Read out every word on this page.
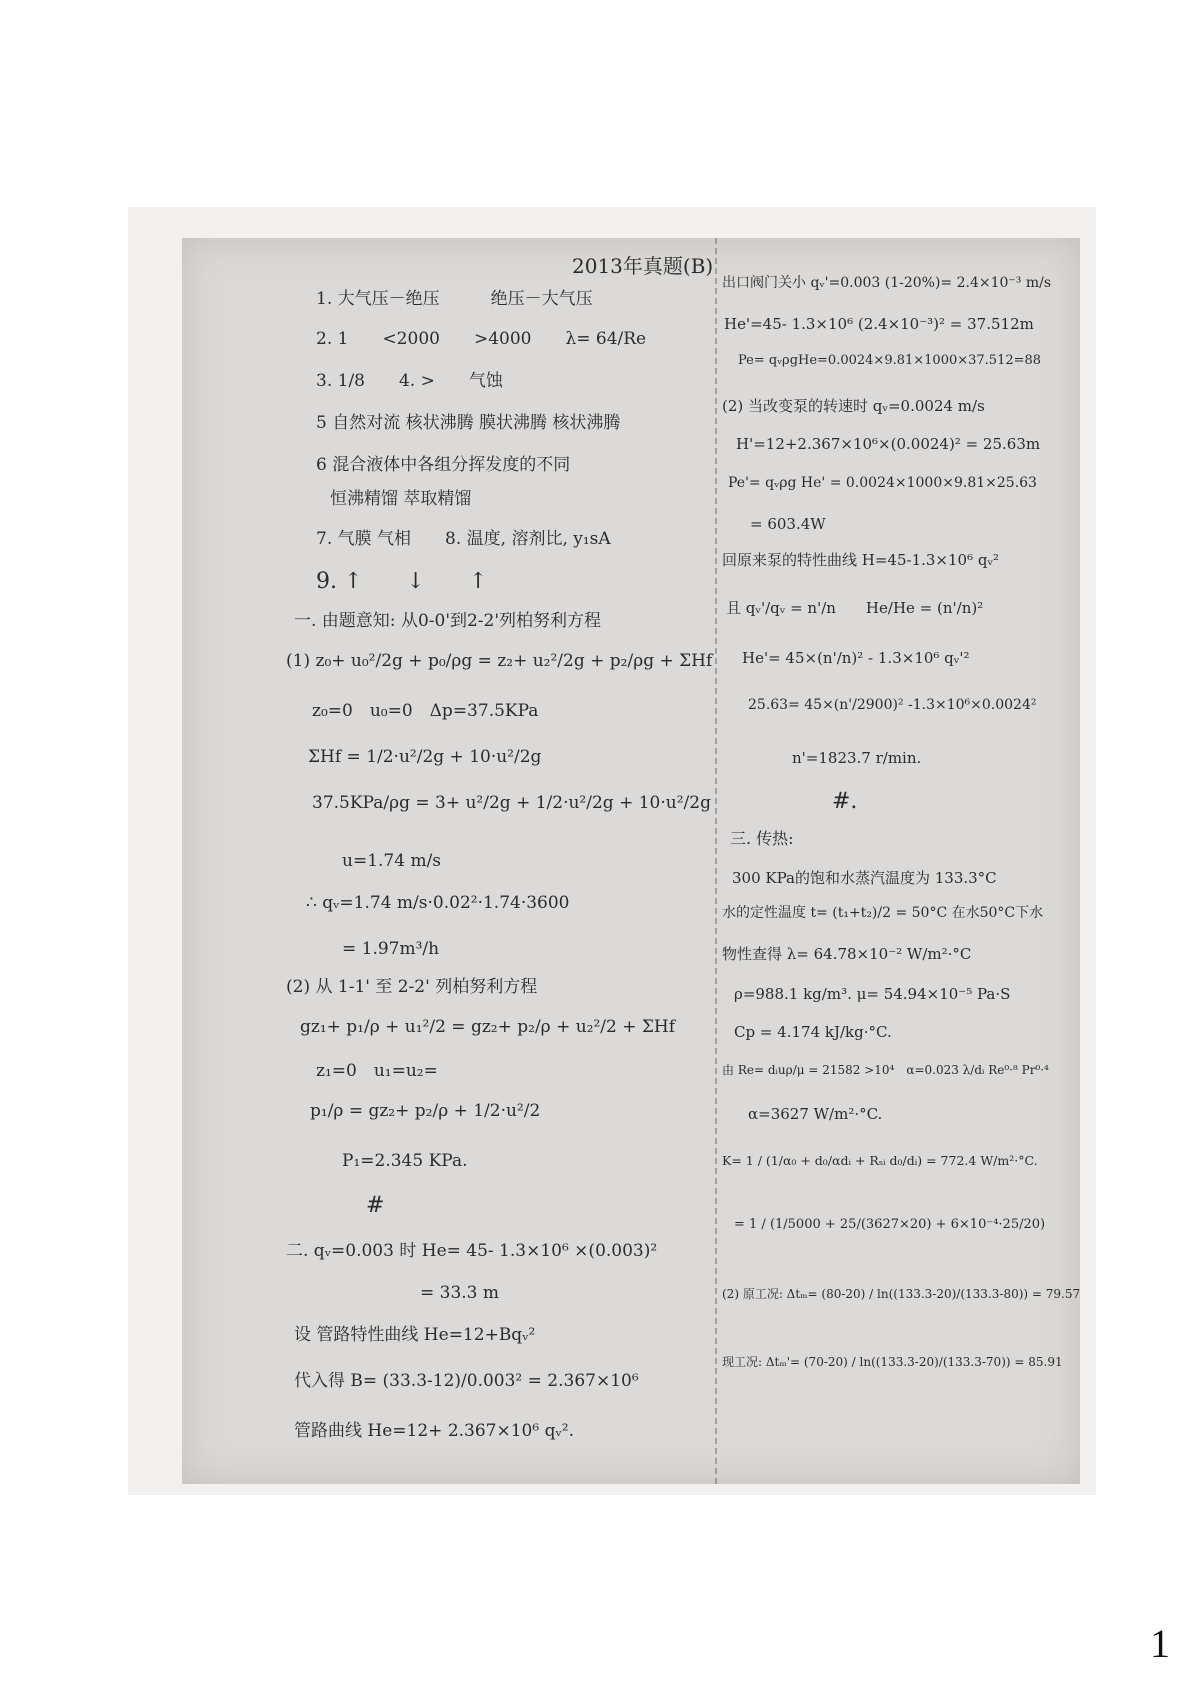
2013年真题(B)
1. 大气压－绝压　　　绝压－大气压
2. 1　　<2000　　>4000　　λ= 64/Re
3. 1/8　　4. >　　气蚀
5 自然对流 核状沸腾 膜状沸腾 核状沸腾
6 混合液体中各组分挥发度的不同
恒沸精馏 萃取精馏
7. 气膜 气相　　8. 温度, 溶剂比, y₁sA
9. ↑　　↓　　↑
一. 由题意知: 从0-0'到2-2'列柏努利方程
(1) z₀+ u₀²/2g + p₀/ρg = z₂+ u₂²/2g + p₂/ρg + ΣHf
z₀=0　u₀=0　Δp=37.5KPa
ΣHf = 1/2·u²/2g + 10·u²/2g
37.5KPa/ρg = 3+ u²/2g + 1/2·u²/2g + 10·u²/2g
u=1.74 m/s
∴ qᵥ=1.74 m/s·0.02²·1.74·3600
= 1.97m³/h
(2) 从 1-1' 至 2-2' 列柏努利方程
gz₁+ p₁/ρ + u₁²/2 = gz₂+ p₂/ρ + u₂²/2 + ΣHf
z₁=0　u₁=u₂=
p₁/ρ = gz₂+ p₂/ρ + 1/2·u²/2
P₁=2.345 KPa.
#
二. qᵥ=0.003 时 He= 45- 1.3×10⁶ ×(0.003)²
= 33.3 m
设 管路特性曲线 He=12+Bqᵥ²
代入得 B= (33.3-12)/0.003² = 2.367×10⁶
管路曲线 He=12+ 2.367×10⁶ qᵥ².
出口阀门关小 qᵥ'=0.003 (1-20%)= 2.4×10⁻³ m/s
He'=45- 1.3×10⁶ (2.4×10⁻³)² = 37.512m
Pe= qᵥρgHe=0.0024×9.81×1000×37.512=88
(2) 当改变泵的转速时 qᵥ=0.0024 m/s
H'=12+2.367×10⁶×(0.0024)² = 25.63m
Pe'= qᵥρg He' = 0.0024×1000×9.81×25.63
= 603.4W
回原来泵的特性曲线 H=45-1.3×10⁶ qᵥ²
且 qᵥ'/qᵥ = n'/n　　He/He = (n'/n)²
He'= 45×(n'/n)² - 1.3×10⁶ qᵥ'²
25.63= 45×(n'/2900)² -1.3×10⁶×0.0024²
n'=1823.7 r/min.
#.
三. 传热:
300 KPa的饱和水蒸汽温度为 133.3°C
水的定性温度 t= (t₁+t₂)/2 = 50°C 在水50°C下水
物性查得 λ= 64.78×10⁻² W/m²·°C
ρ=988.1 kg/m³. μ= 54.94×10⁻⁵ Pa·S
Cp = 4.174 kJ/kg·°C.
由 Re= dᵢuρ/μ = 21582 >10⁴　α=0.023 λ/dᵢ Re⁰·⁸ Pr⁰·⁴
α=3627 W/m²·°C.
K= 1 / (1/α₀ + d₀/αdᵢ + Rₛᵢ d₀/dᵢ) = 772.4 W/m²·°C.
= 1 / (1/5000 + 25/(3627×20) + 6×10⁻⁴·25/20)
(2) 原工况: Δtₘ= (80-20) / ln((133.3-20)/(133.3-80)) = 79.57
现工况: Δtₘ'= (70-20) / ln((133.3-20)/(133.3-70)) = 85.91
1
